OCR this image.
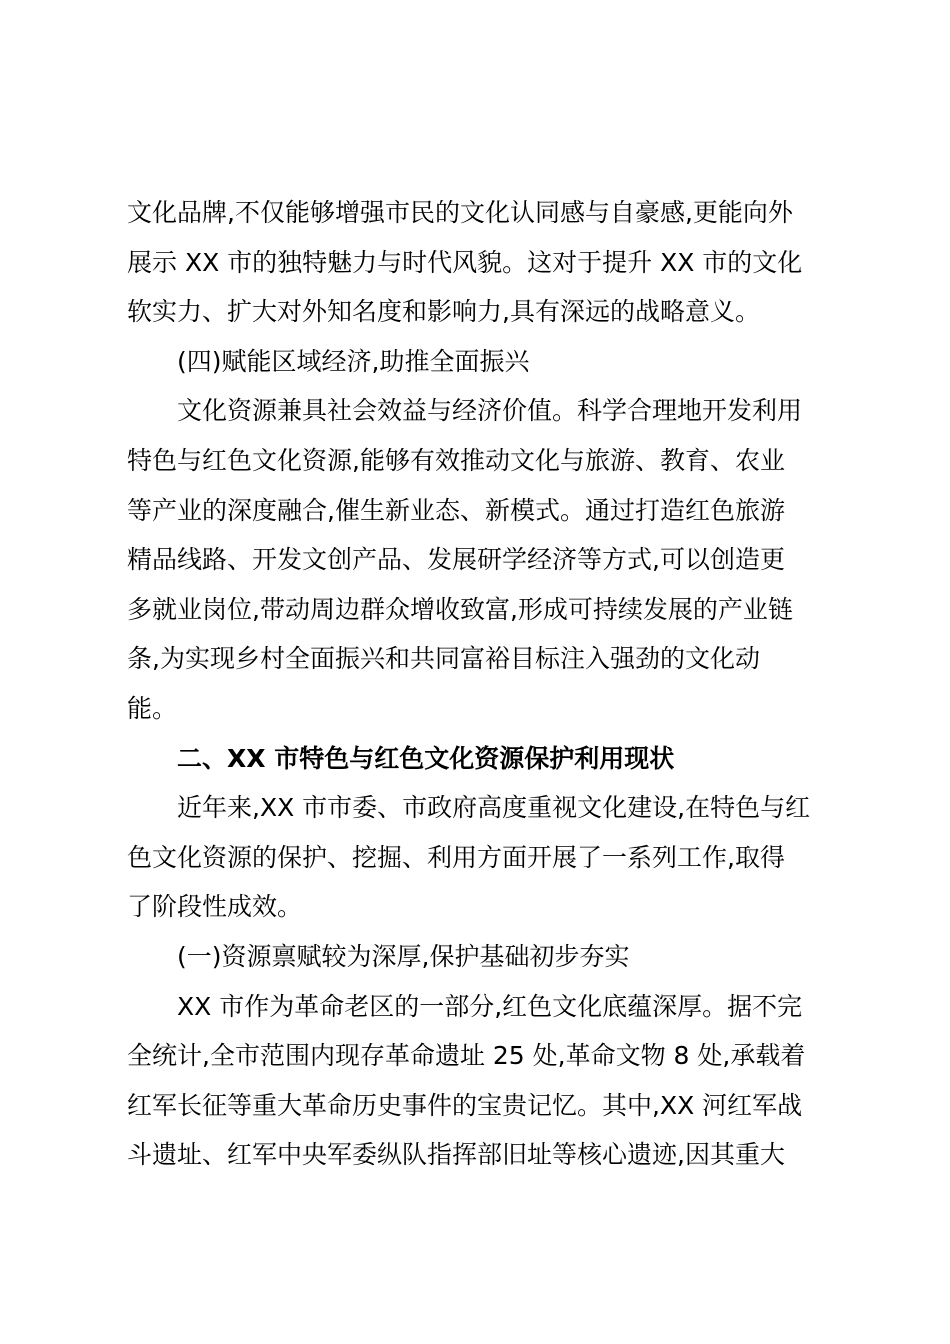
文化品牌,不仅能够增强市民的文化认同感与自豪感,更能向外
展示 XX 市的独特魅力与时代风貌。这对于提升 XX 市的文化
软实力、扩大对外知名度和影响力,具有深远的战略意义。
(四)赋能区域经济,助推全面振兴
文化资源兼具社会效益与经济价值。科学合理地开发利用
特色与红色文化资源,能够有效推动文化与旅游、教育、农业
等产业的深度融合,催生新业态、新模式。通过打造红色旅游
精品线路、开发文创产品、发展研学经济等方式,可以创造更
多就业岗位,带动周边群众增收致富,形成可持续发展的产业链
条,为实现乡村全面振兴和共同富裕目标注入强劲的文化动
能。
二、XX 市特色与红色文化资源保护利用现状
近年来,XX 市市委、市政府高度重视文化建设,在特色与红
色文化资源的保护、挖掘、利用方面开展了一系列工作,取得
了阶段性成效。
(一)资源禀赋较为深厚,保护基础初步夯实
XX 市作为革命老区的一部分,红色文化底蕴深厚。据不完
全统计,全市范围内现存革命遗址 25 处,革命文物 8 处,承载着
红军长征等重大革命历史事件的宝贵记忆。其中,XX 河红军战
斗遗址、红军中央军委纵队指挥部旧址等核心遗迹,因其重大
